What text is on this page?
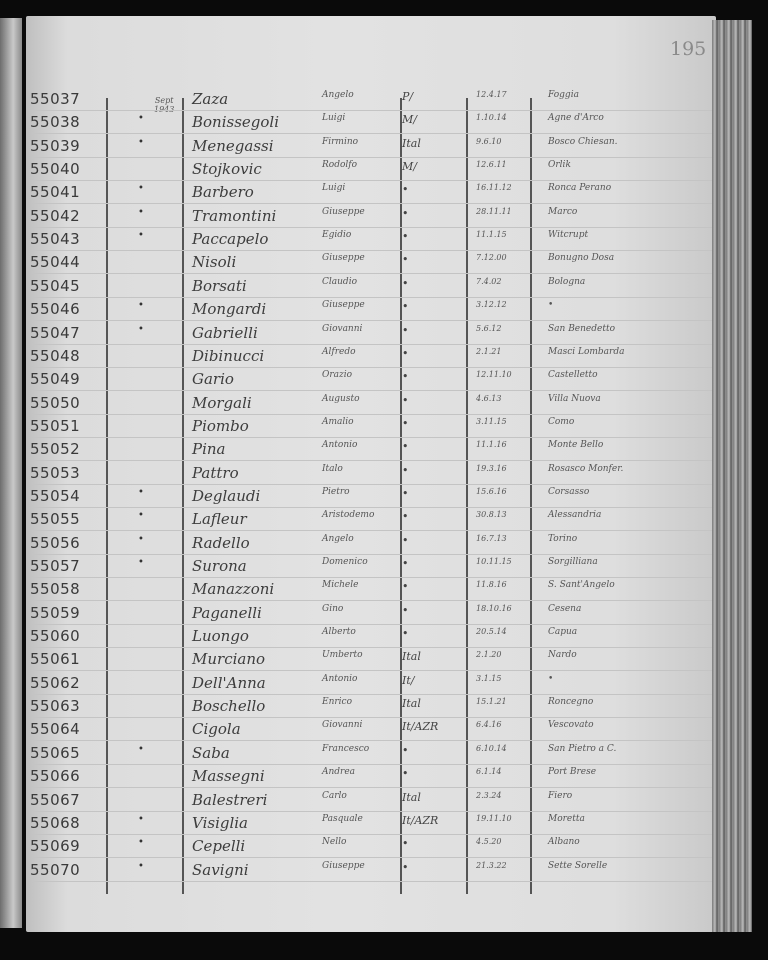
195
Sept
55037	Zaza	Angelo	P/	12.4.17	Foggia
55038	•	Bonissegoli	Luigi	M/	1.10.14	Agne d'Arco
55039	•	Menegassi	Firmino	Ital	9.6.10	Bosco Chiesan.
55040	Stojkovic	Rodolfo	M/	12.6.11	Orlik
55041	•	Barbero	Luigi	•	16.11.12	Ronca Perano
55042	•	Tramontini	Giuseppe	•	28.11.11	Marco
55043	•	Paccapelo	Egidio	•	11.1.15	Witcrupt
55044	Nisoli	Giuseppe	•	7.12.00	Bonugno Dosa
55045	Borsati	Claudio	•	7.4.02	Bologna
55046	•	Mongardi	Giuseppe	•	3.12.12	•
55047	•	Gabrielli	Giovanni	•	5.6.12	San Benedetto
55048	Dibinucci	Alfredo	•	2.1.21	Masci Lombarda
55049	Gario	Orazio	•	12.11.10	Castelletto
55050	Morgali	Augusto	•	4.6.13	Villa Nuova
55051	Piombo	Amalio	•	3.11.15	Como
55052	Pina	Antonio	•	11.1.16	Monte Bello
55053	Pattro	Italo	•	19.3.16	Rosasco Monfer.
55054	•	Deglaudi	Pietro	•	15.6.16	Corsasso
55055	•	Lafleur	Aristodemo	•	30.8.13	Alessandria
55056	•	Radello	Angelo	•	16.7.13	Torino
55057	•	Surona	Domenico	•	10.11.15	Sorgilliana
55058	Manazzoni	Michele	•	11.8.16	S. Sant'Angelo
55059	Paganelli	Gino	•	18.10.16	Cesena
55060	Luongo	Alberto	•	20.5.14	Capua
55061	Murciano	Umberto	Ital	2.1.20	Nardo
55062	Dell'Anna	Antonio	It/	3.1.15	•
55063	Boschello	Enrico	Ital	15.1.21	Roncegno
55064	Cigola	Giovanni	It/AZR	6.4.16	Vescovato
55065	•	Saba	Francesco	•	6.10.14	San Pietro a C.
55066	Massegni	Andrea	•	6.1.14	Port Brese
55067	Balestreri	Carlo	Ital	2.3.24	Fiero
55068	•	Visiglia	Pasquale	It/AZR	19.11.10	Moretta
55069	•	Cepelli	Nello	•	4.5.20	Albano
55070	•	Savigni	Giuseppe	•	21.3.22	Sette Sorelle
